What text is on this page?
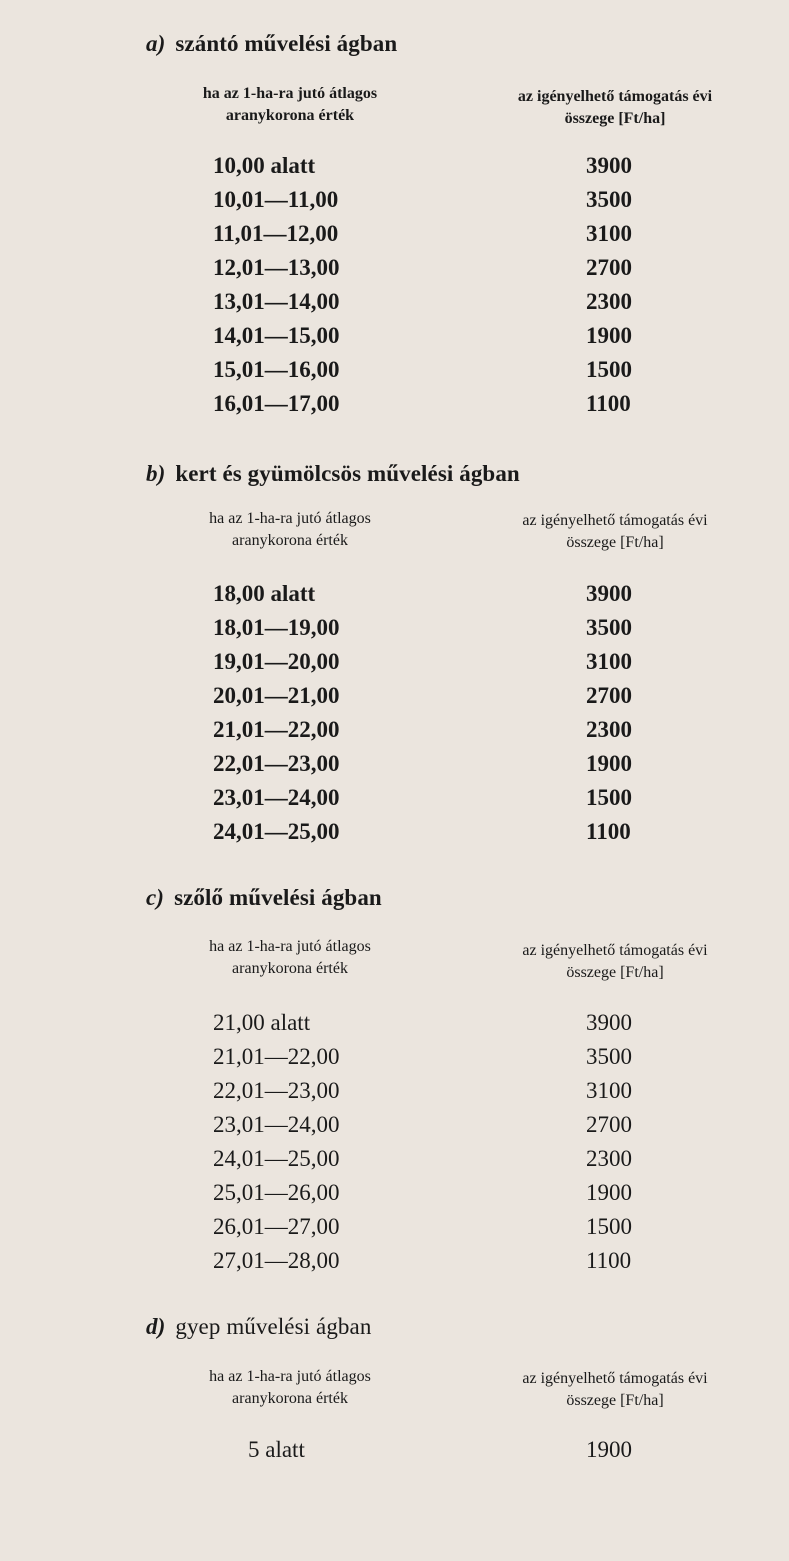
a) szántó művelési ágban
ha az 1-ha-ra jutó átlagos
aranykorona érték
az igényelhető támogatás évi
összege [Ft/ha]
10,00 alatt	3900
10,01—11,00	3500
11,01—12,00	3100
12,01—13,00	2700
13,01—14,00	2300
14,01—15,00	1900
15,01—16,00	1500
16,01—17,00	1100
b) kert és gyümölcsös művelési ágban
ha az 1-ha-ra jutó átlagos
aranykorona érték
az igényelhető támogatás évi
összege [Ft/ha]
18,00 alatt	3900
18,01—19,00	3500
19,01—20,00	3100
20,01—21,00	2700
21,01—22,00	2300
22,01—23,00	1900
23,01—24,00	1500
24,01—25,00	1100
c) szőlő művelési ágban
ha az 1-ha-ra jutó átlagos
aranykorona érték
az igényelhető támogatás évi
összege [Ft/ha]
21,00 alatt	3900
21,01—22,00	3500
22,01—23,00	3100
23,01—24,00	2700
24,01—25,00	2300
25,01—26,00	1900
26,01—27,00	1500
27,01—28,00	1100
d) gyep művelési ágban
ha az 1-ha-ra jutó átlagos
aranykorona érték
az igényelhető támogatás évi
összege [Ft/ha]
5 alatt	1900
